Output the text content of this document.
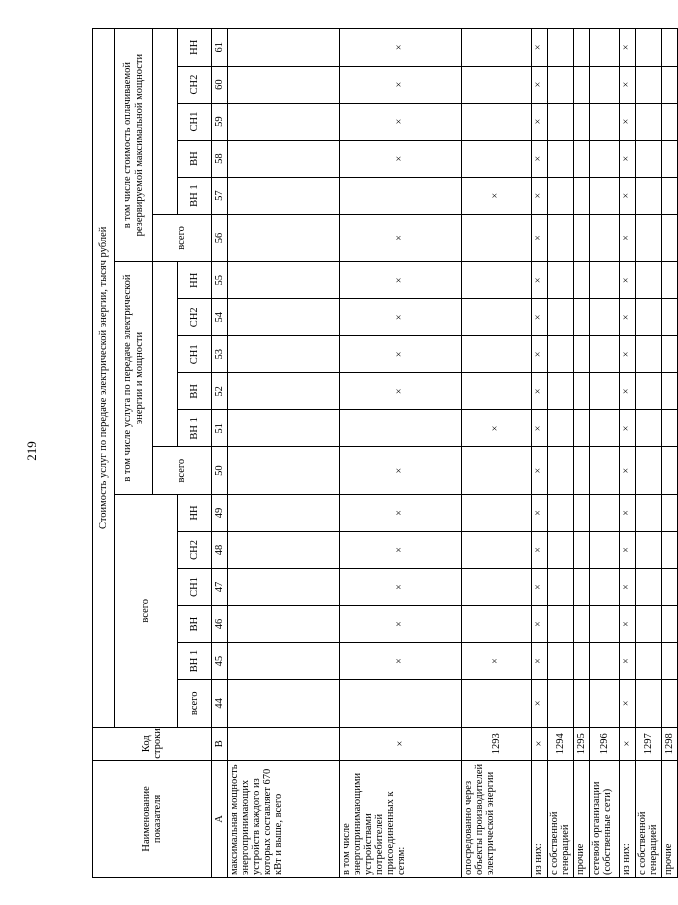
219
Наименование показателя	Код строки	Стоимость услуг по передаче электрической энергии, тысяч рублей																	
		всего						в том числе услуга по передаче электрической энергии и мощности						в том числе стоимость оплачиваемой резервируемой максимальной мощности					
								всего						всего					
		всего	ВН 1	ВН	СН1	СН2	НН		ВН 1	ВН	СН1	СН2	НН		ВН 1	ВН	СН1	СН2	НН
А	В	44	45	46	47	48	49	50	51	52	53	54	55	56	57	58	59	60	61
максимальная мощность энергопринимающих устройств каждого из которых составляет 670 кВт и выше, всего																			
в том числе энергопринимающими устройствами потребителей присоединенных к сетям:	×		×	×	×	×	×	×		×	×	×	×	×		×	×	×	×
опосредованно через объекты производителей электрической энергии	1293		×						×						×				
из них:	×	×	×	×	×	×	×	×	×	×	×	×	×	×	×	×	×	×	×
с собственной генерацией	1294																		
прочие	1295																		
сетевой организации (собственные сети)	1296																		
из них:	×	×	×	×	×	×	×	×	×	×	×	×	×	×	×	×	×	×	×
с собственной генерацией	1297																		
прочие	1298																		
